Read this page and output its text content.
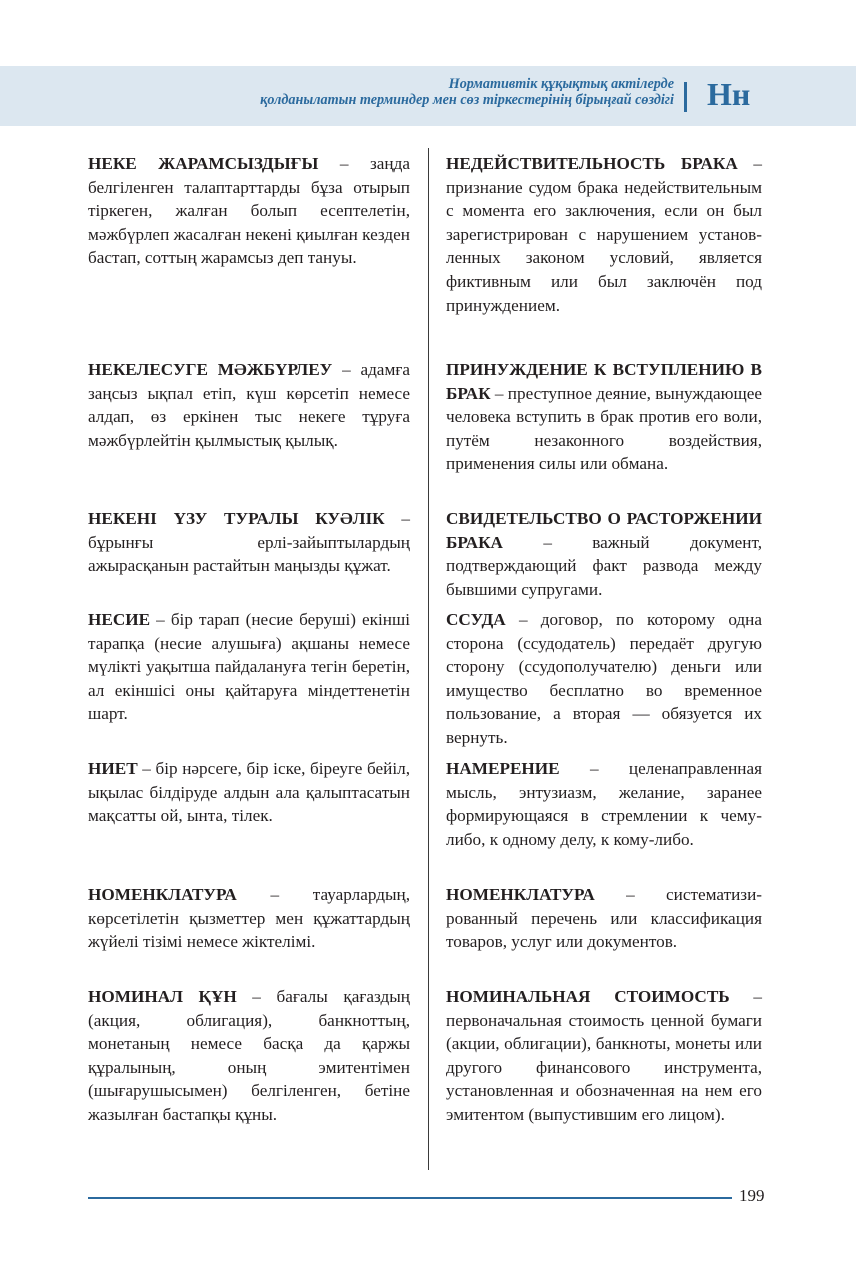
Нормативтік құқықтық актілерде
қолданылатын терминдер мен сөз тіркестерінің бірыңғай сөздігі Нн

НЕКЕ ЖАРАМСЫЗДЫҒЫ – заңда белгіленген талаптарттарды бұза отырып тіркеген, жалған болып есептелетін, мәжбүрлеп жасалған некені қиылған кезден бастап, соттың жарамсыз деп тануы.

НЕДЕЙСТВИТЕЛЬНОСТЬ БРАКА – признание судом брака недействительным с момента его заключения, если он был зарегистрирован с нарушением установленных законом условий, является фиктивным или был заключён под принуждением.

НЕКЕЛЕСУГЕ МӘЖБҮРЛЕУ – адамға заңсыз ықпал етіп, күш көрсетіп немесе алдап, өз еркінен тыс некеге тұруға мәжбүрлейтін қылмыстық қылық.

ПРИНУЖДЕНИЕ К ВСТУПЛЕНИЮ В БРАК – преступное деяние, вынуждающее человека вступить в брак против его воли, путём незаконного воздействия, применения силы или обмана.

НЕКЕНІ ҮЗУ ТУРАЛЫ КУӘЛІК – бұрынғы ерлі-зайыптылардың ажырасқанын растайтын маңызды құжат.

СВИДЕТЕЛЬСТВО О РАСТОРЖЕНИИ БРАКА – важный документ, подтверждающий факт развода между бывшими супругами.

НЕСИЕ – бір тарап (несие беруші) екінші тарапқа (несие алушыға) ақшаны немесе мүлікті уақытша пайдалануға тегін беретін, ал екіншісі оны қайтаруға міндеттенетін шарт.

ССУДА – договор, по которому одна сторона (ссудодатель) передаёт другую сторону (ссудополучателю) деньги или имущество бесплатно во временное пользование, а вторая — обязуется их вернуть.

НИЕТ – бір нәрсеге, бір іске, біреуге бейіл, ықылас білдіруде алдын ала қалыптасатын мақсатты ой, ынта, тілек.

НАМЕРЕНИЕ – целенаправленная мысль, энтузиазм, желание, заранее формирующаяся в стремлении к чему-либо, к одному делу, к кому-либо.

НОМЕНКЛАТУРА – тауарлардың, көрсетілетін қызметтер мен құжаттардың жүйелі тізімі немесе жіктелімі.

НОМЕНКЛАТУРА – систематизированный перечень или классификация товаров, услуг или документов.

НОМИНАЛ ҚҰН – бағалы қағаздың (акция, облигация), банкноттың, монетаның немесе басқа да қаржы құралының, оның эмитентімен (шығарушысымен) белгіленген, бетіне жазылған бастапқы құны.

НОМИНАЛЬНАЯ СТОИМОСТЬ – первоначальная стоимость ценной бумаги (акции, облигации), банкноты, монеты или другого финансового инструмента, установленная и обозначенная на нем его эмитентом (выпустившим его лицом).

199
